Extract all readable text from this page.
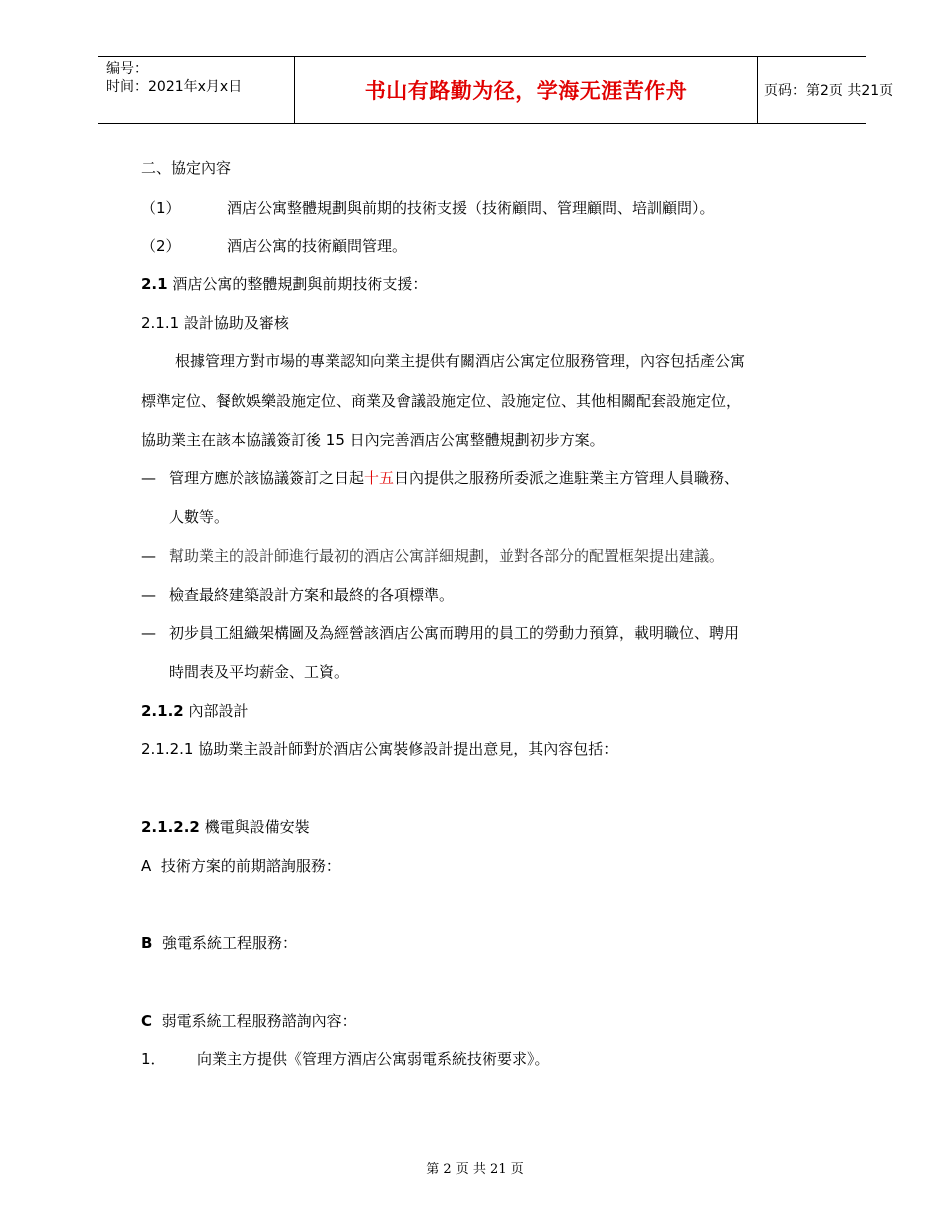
编号：
时间：2021年x月x日	书山有路勤为径，学海无涯苦作舟	页码：第2页 共21页
二、協定內容
（1）	酒店公寓整體規劃與前期的技術支援（技術顧問、管理顧問、培訓顧問）。
（2）	酒店公寓的技術顧問管理。
2.1 酒店公寓的整體規劃與前期技術支援：
2.1.1 設計協助及審核
根據管理方對市場的專業認知向業主提供有關酒店公寓定位服務管理，內容包括產公寓
標準定位、餐飲娛樂設施定位、商業及會議設施定位、設施定位、其他相關配套設施定位，
協助業主在該本協議簽訂後 15 日內完善酒店公寓整體規劃初步方案。
— 管理方應於該協議簽訂之日起十五日內提供之服務所委派之進駐業主方管理人員職務、
人數等。
— 幫助業主的設計師進行最初的酒店公寓詳細規劃，並對各部分的配置框架提出建議。
— 檢查最終建築設計方案和最終的各項標準。
— 初步員工組織架構圖及為經營該酒店公寓而聘用的員工的勞動力預算，載明職位、聘用
時間表及平均薪金、工資。
2.1.2 內部設計
2.1.2.1 協助業主設計師對於酒店公寓裝修設計提出意見，其內容包括：
2.1.2.2 機電與設備安裝
A 技術方案的前期諮詢服務：
B 強電系統工程服務：
C 弱電系統工程服務諮詢內容：
1． 向業主方提供《管理方酒店公寓弱電系統技術要求》。
第 2 页 共 21 页
